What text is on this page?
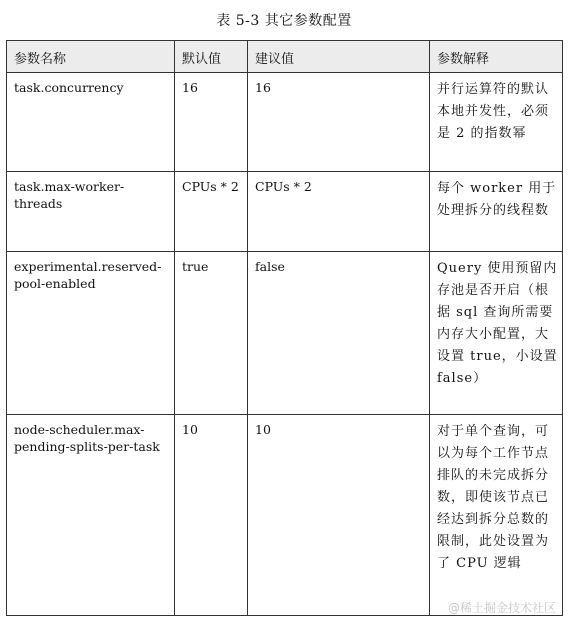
表 5-3 其它参数配置
参数名称	默认值	建议值	参数解释
task.concurrency	16	16	并行运算符的默认本地并发性，必须是 2 的指数幂
task.max-worker-threads	CPUs * 2	CPUs * 2	每个 worker 用于处理拆分的线程数
experimental.reserved-pool-enabled	true	false	Query 使用预留内存池是否开启（根据 sql 查询所需要内存大小配置，大设置 true，小设置 false）
node-scheduler.max-pending-splits-per-task	10	10	对于单个查询，可以为每个工作节点排队的未完成拆分数，即使该节点已经达到拆分总数的限制，此处设置为了 CPU 逻辑
@稀土掘金技术社区
